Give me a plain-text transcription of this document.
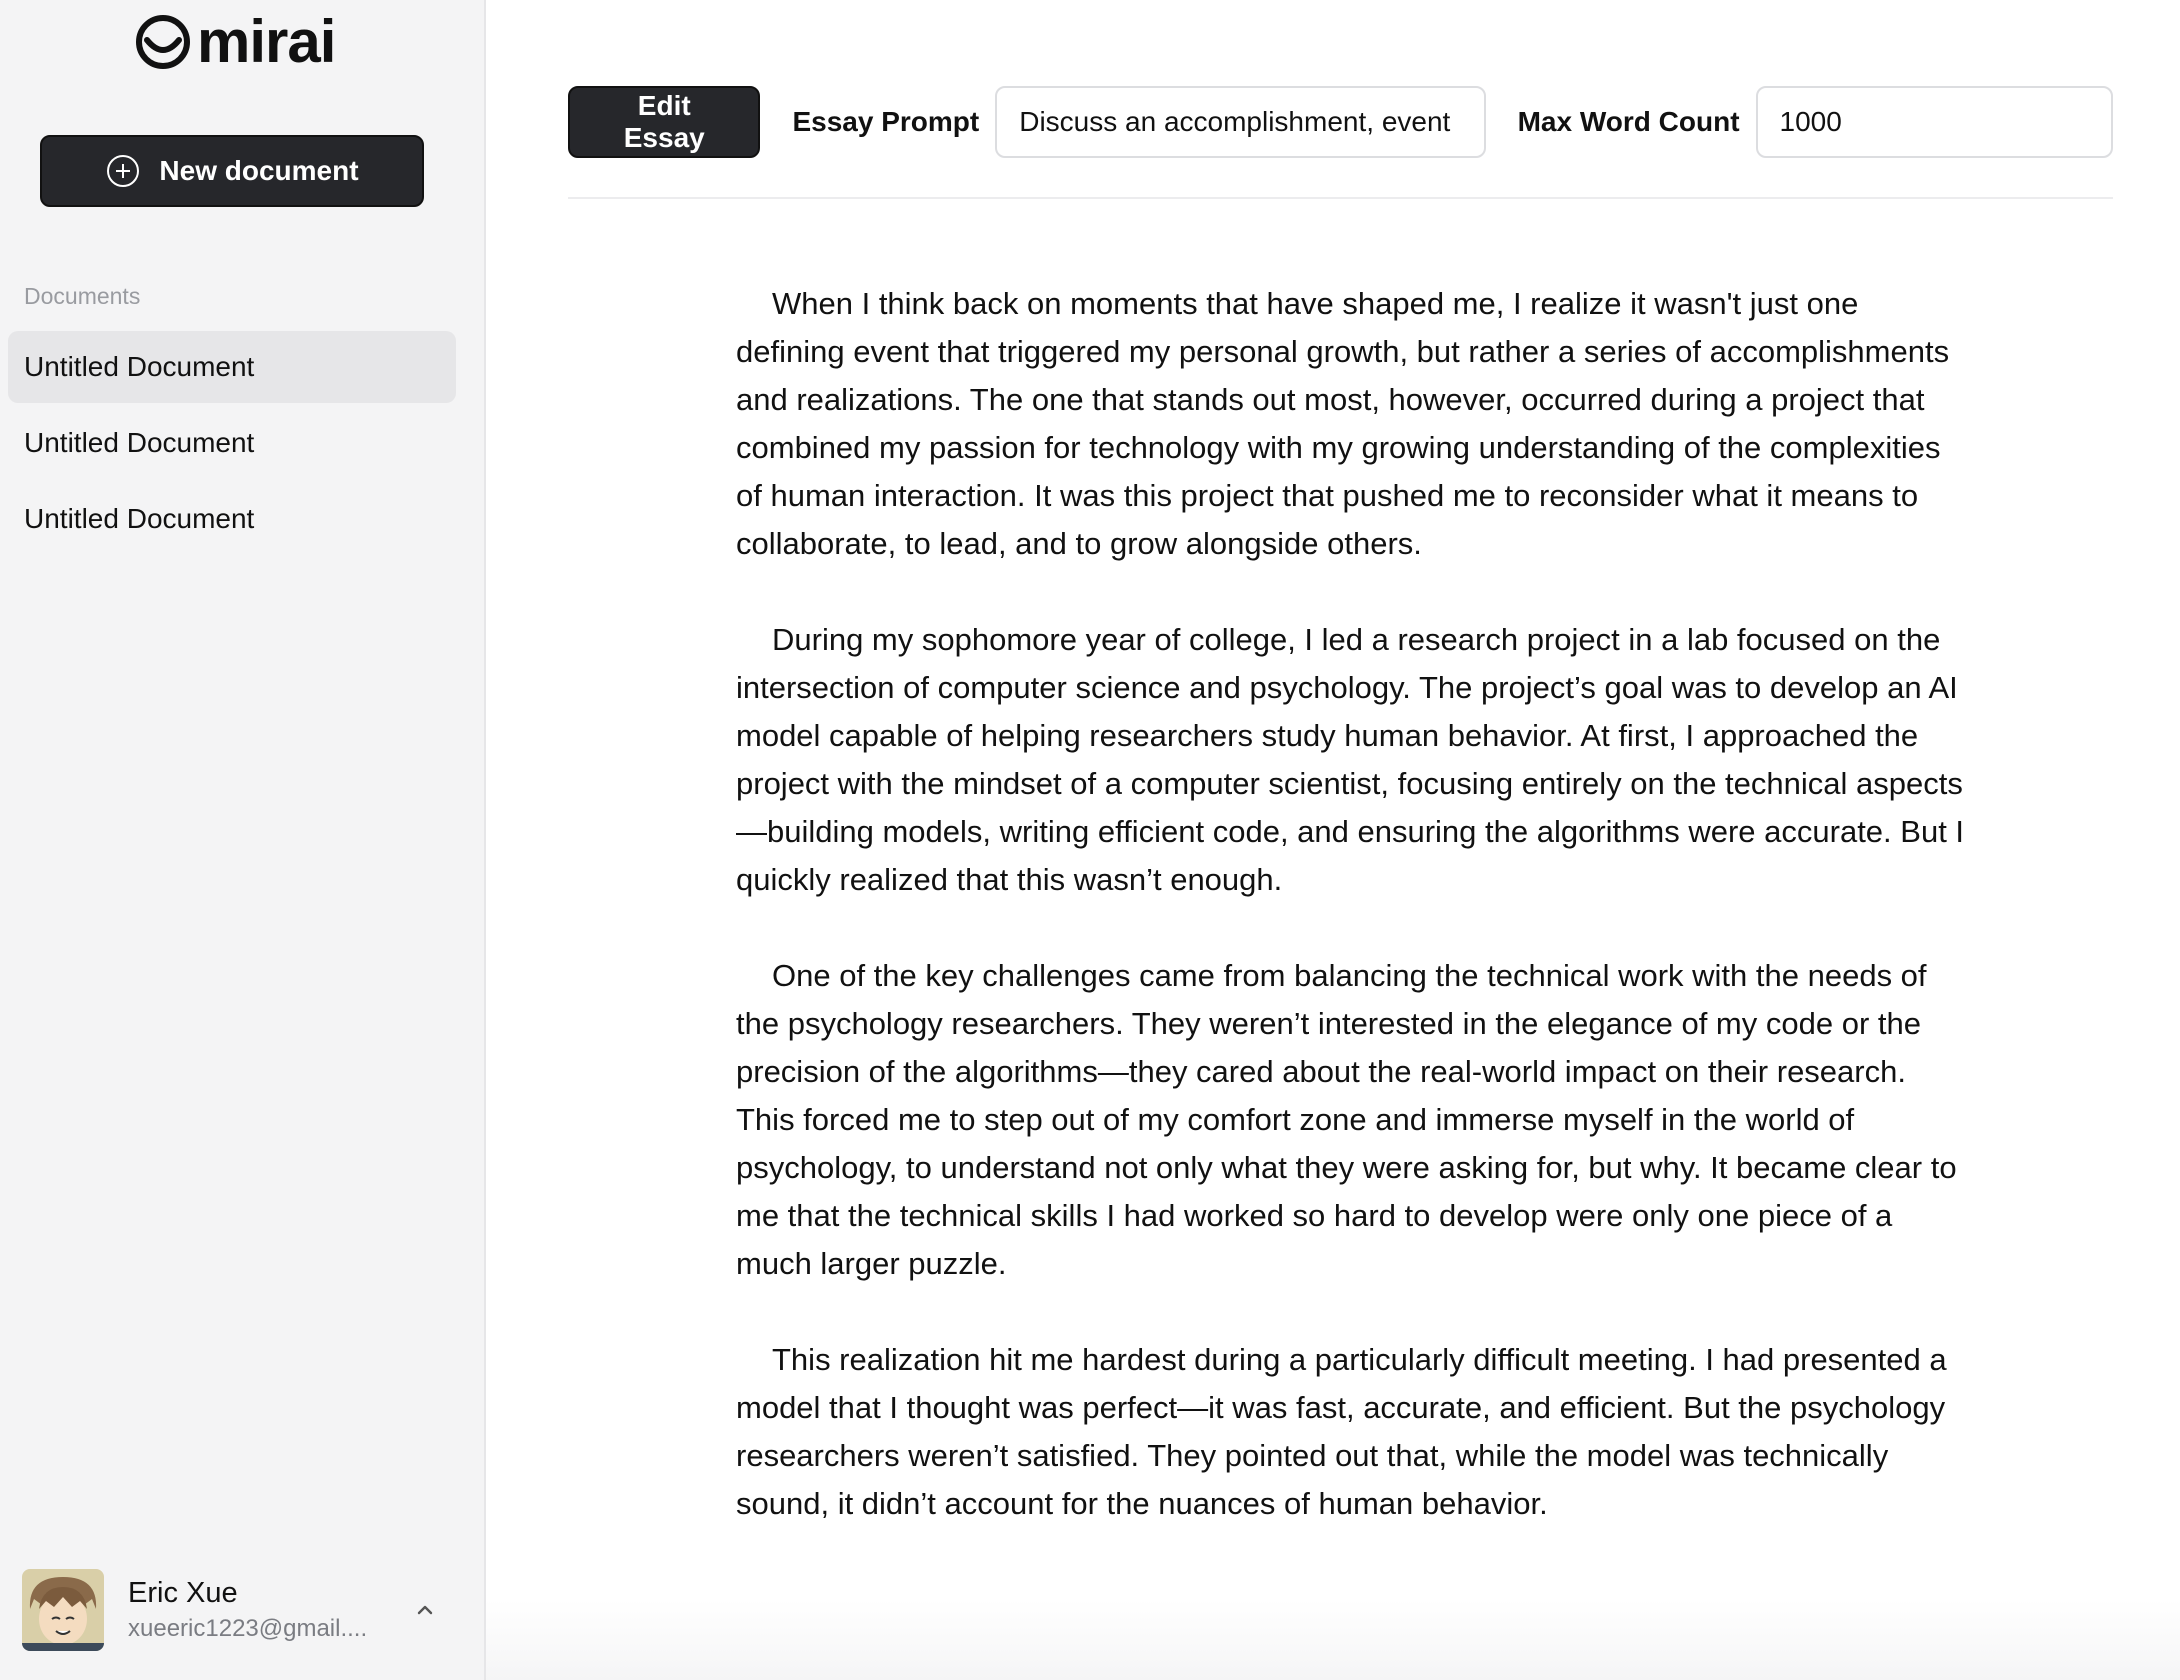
mirai
New document
Documents
Untitled Document
Untitled Document
Untitled Document
Eric Xue
xueeric1223@gmail....
Edit Essay
Essay Prompt	Discuss an accomplishment, event	Max Word Count	1000

When I think back on moments that have shaped me, I realize it wasn't just one defining event that triggered my personal growth, but rather a series of accomplishments and realizations. The one that stands out most, however, occurred during a project that combined my passion for technology with my growing understanding of the complexities of human interaction. It was this project that pushed me to reconsider what it means to collaborate, to lead, and to grow alongside others.

During my sophomore year of college, I led a research project in a lab focused on the intersection of computer science and psychology. The project’s goal was to develop an AI model capable of helping researchers study human behavior. At first, I approached the project with the mindset of a computer scientist, focusing entirely on the technical aspects—building models, writing efficient code, and ensuring the algorithms were accurate. But I quickly realized that this wasn’t enough.

One of the key challenges came from balancing the technical work with the needs of the psychology researchers. They weren’t interested in the elegance of my code or the precision of the algorithms—they cared about the real-world impact on their research. This forced me to step out of my comfort zone and immerse myself in the world of psychology, to understand not only what they were asking for, but why. It became clear to me that the technical skills I had worked so hard to develop were only one piece of a much larger puzzle.

This realization hit me hardest during a particularly difficult meeting. I had presented a model that I thought was perfect—it was fast, accurate, and efficient. But the psychology researchers weren’t satisfied. They pointed out that, while the model was technically sound, it didn’t account for the nuances of human behavior.
